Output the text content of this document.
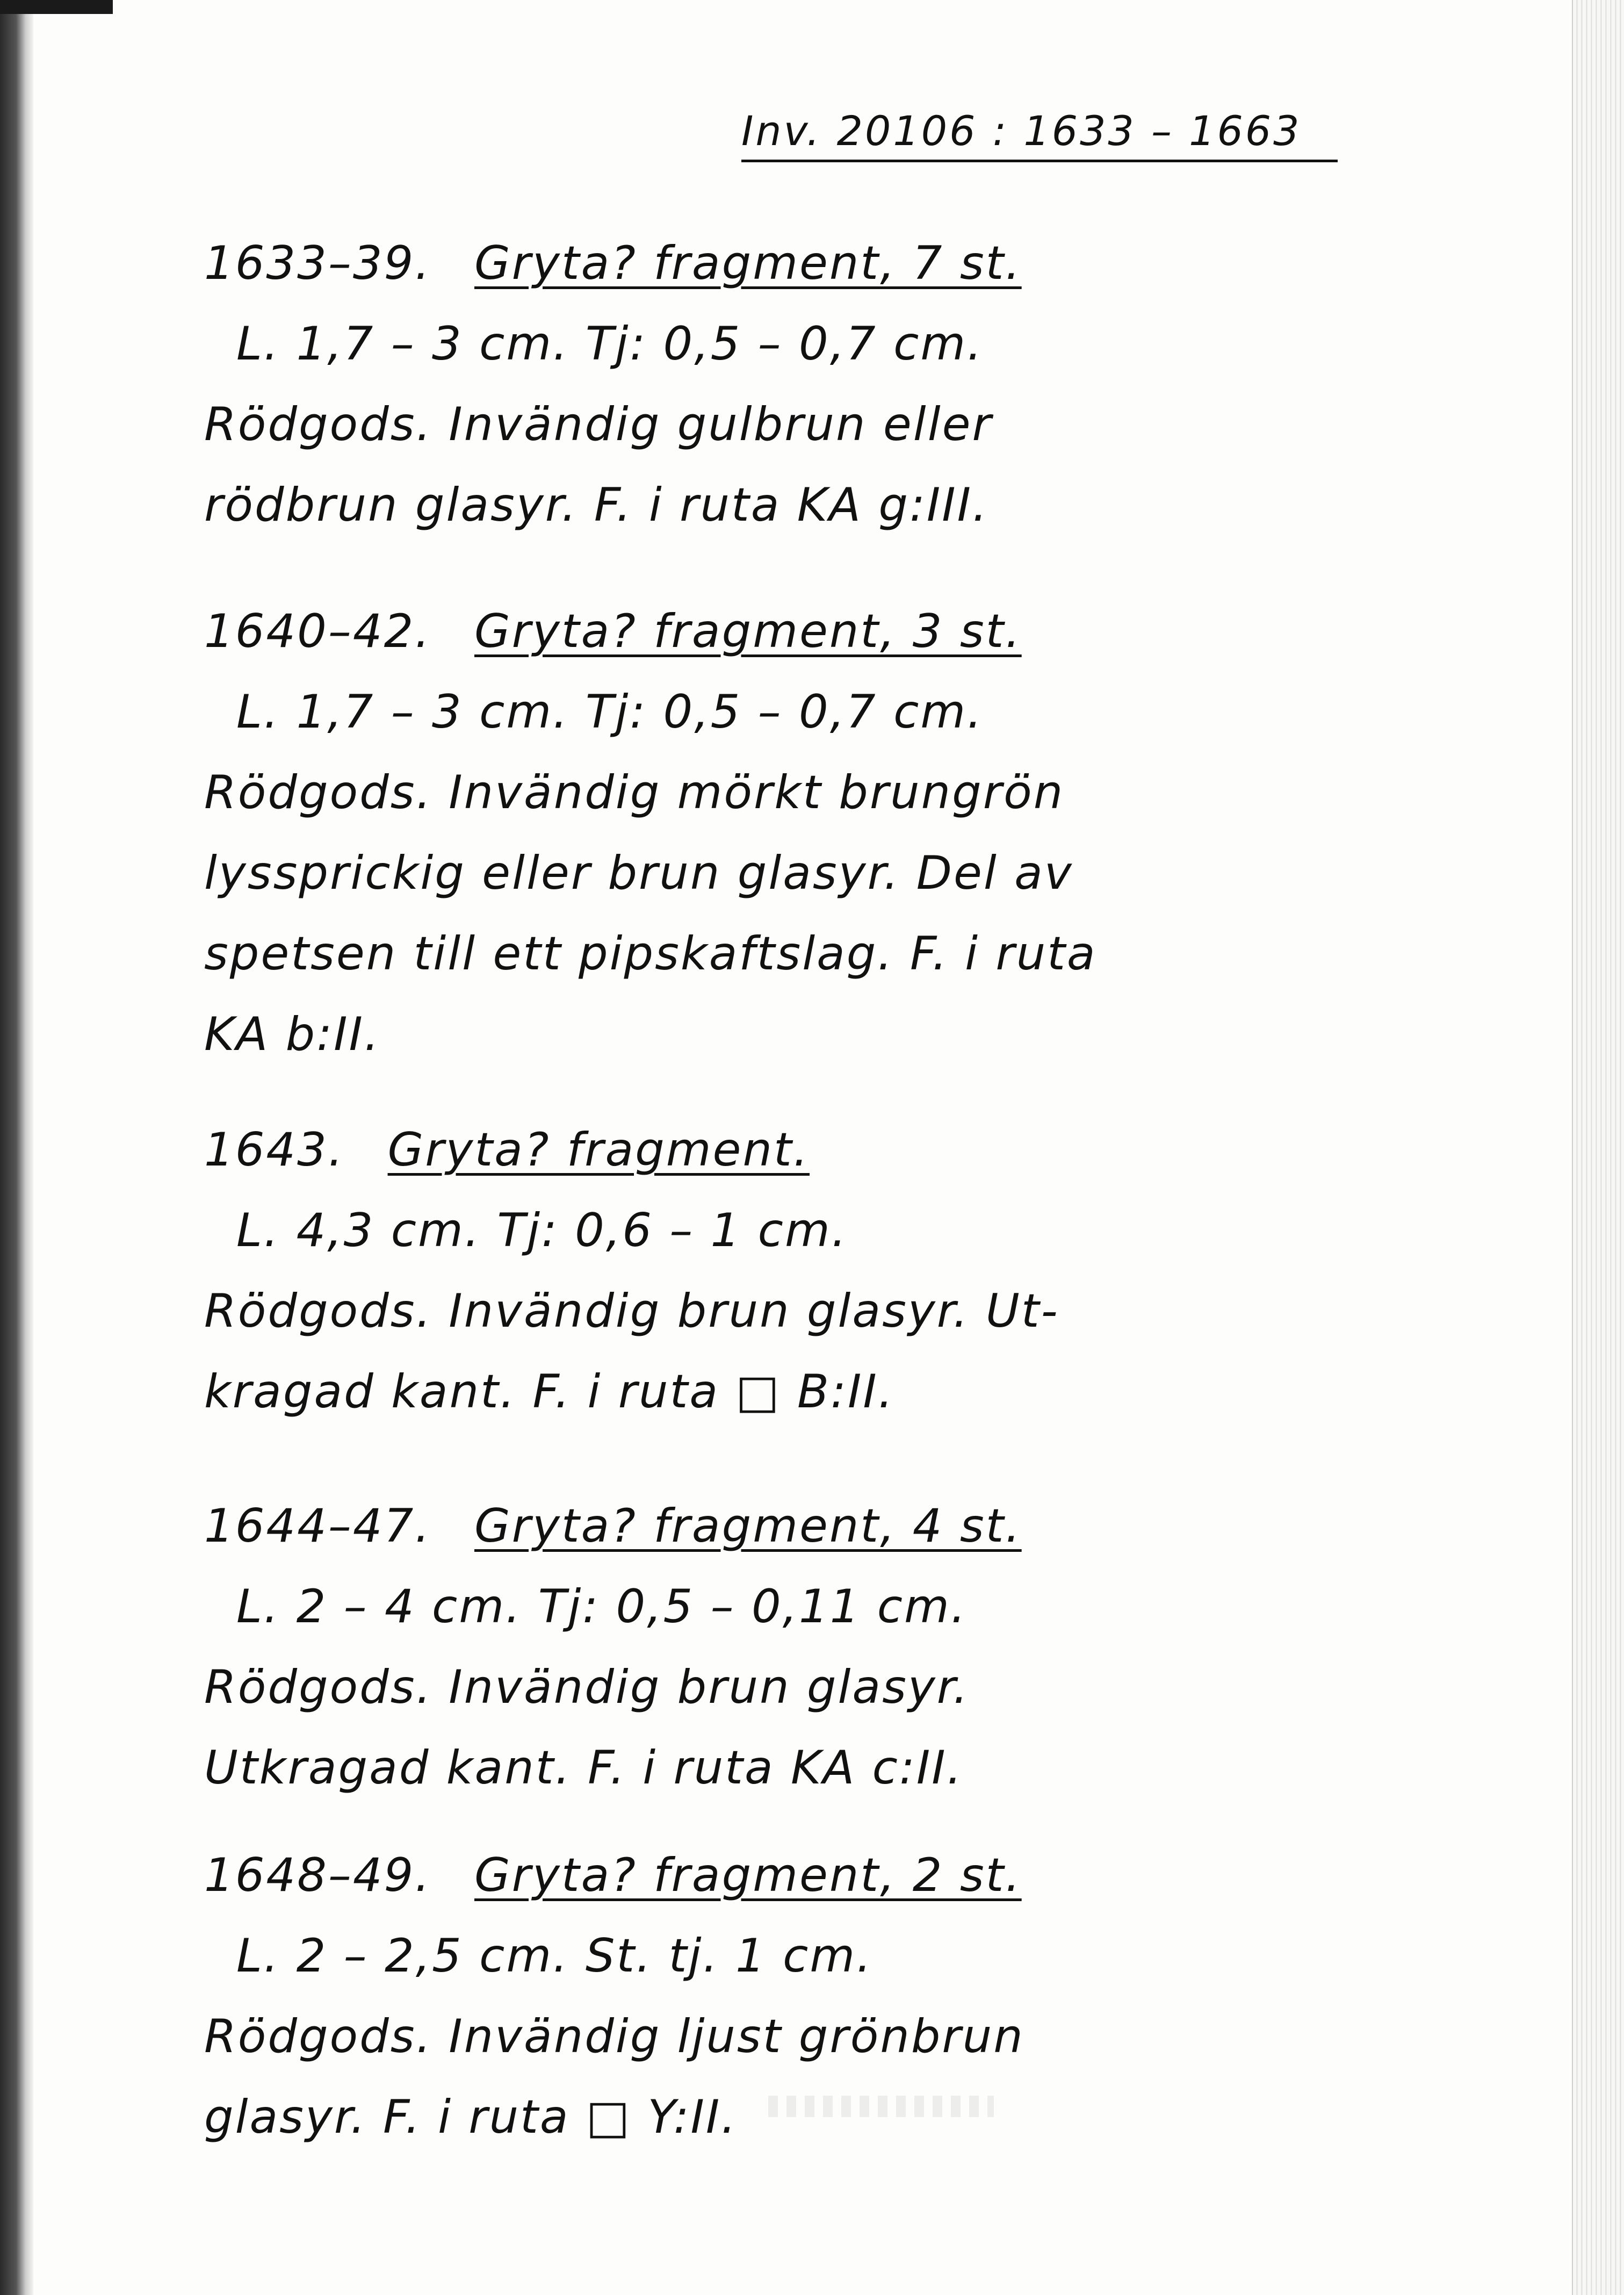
Inv. 20106 : 1633 – 1663
1633–39. Gryta? fragment, 7 st.
L. 1,7 – 3 cm. Tj: 0,5 – 0,7 cm.
Rödgods. Invändig gulbrun eller
rödbrun glasyr. F. i ruta KA g:III.
1640–42. Gryta? fragment, 3 st.
L. 1,7 – 3 cm. Tj: 0,5 – 0,7 cm.
Rödgods. Invändig mörkt brungrön
lyssprickig eller brun glasyr. Del av
spetsen till ett pipskaftslag. F. i ruta
KA b:II.
1643. Gryta? fragment.
L. 4,3 cm. Tj: 0,6 – 1 cm.
Rödgods. Invändig brun glasyr. Ut-
kragad kant. F. i ruta □ B:II.
1644–47. Gryta? fragment, 4 st.
L. 2 – 4 cm. Tj: 0,5 – 0,11 cm.
Rödgods. Invändig brun glasyr.
Utkragad kant. F. i ruta KA c:II.
1648–49. Gryta? fragment, 2 st.
L. 2 – 2,5 cm. St. tj. 1 cm.
Rödgods. Invändig ljust grönbrun
glasyr. F. i ruta □ Y:II.
